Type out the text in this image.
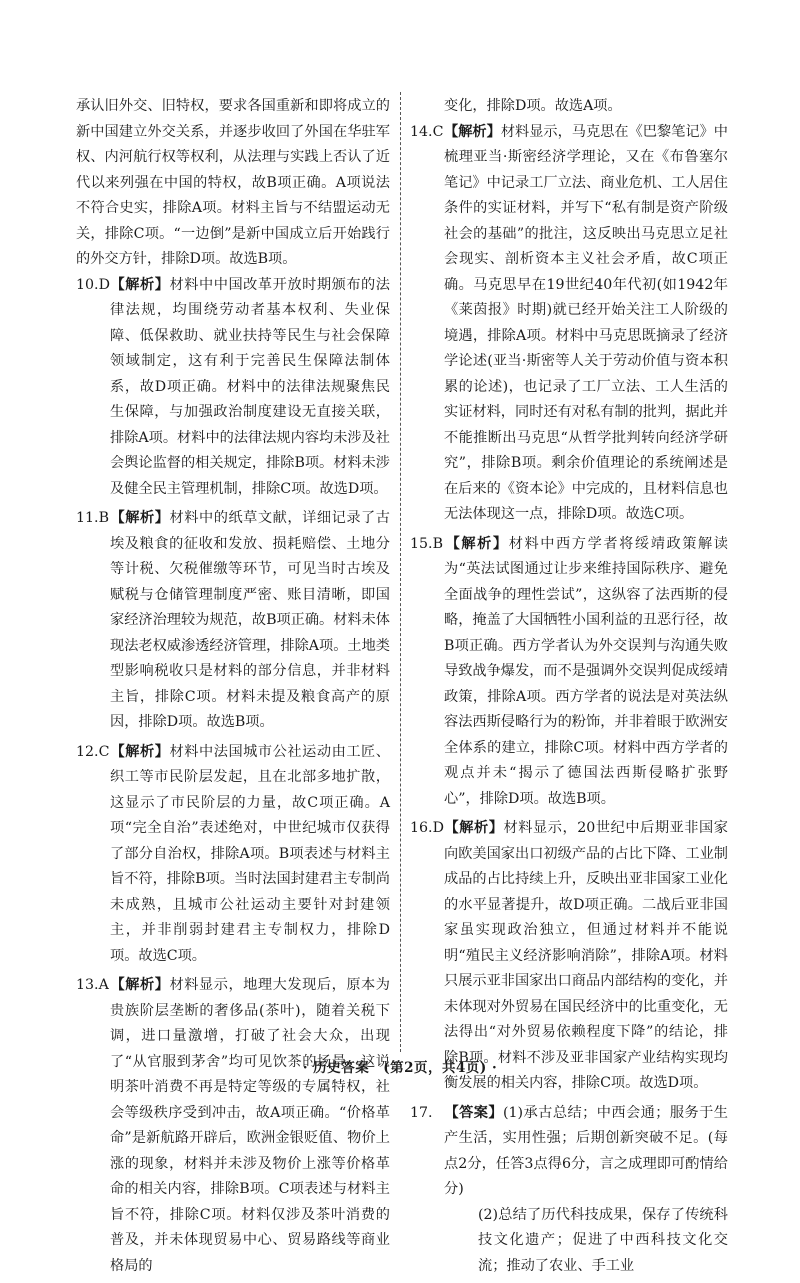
承认旧外交、旧特权，要求各国重新和即将成立的新中国建立外交关系，并逐步收回了外国在华驻军权、内河航行权等权利，从法理与实践上否认了近代以来列强在中国的特权，故B项正确。A项说法不符合史实，排除A项。材料主旨与不结盟运动无关，排除C项。“一边倒”是新中国成立后开始践行的外交方针，排除D项。故选B项。

10.D【解析】材料中中国改革开放时期颁布的法律法规，均围绕劳动者基本权利、失业保障、低保救助、就业扶持等民生与社会保障领域制定，这有利于完善民生保障法制体系，故D项正确。材料中的法律法规聚焦民生保障，与加强政治制度建设无直接关联，排除A项。材料中的法律法规内容均未涉及社会舆论监督的相关规定，排除B项。材料未涉及健全民主管理机制，排除C项。故选D项。
11.B【解析】材料中的纸草文献，详细记录了古埃及粮食的征收和发放、损耗赔偿、土地分等计税、欠税催缴等环节，可见当时古埃及赋税与仓储管理制度严密、账目清晰，即国家经济治理较为规范，故B项正确。材料未体现法老权威渗透经济管理，排除A项。土地类型影响税收只是材料的部分信息，并非材料主旨，排除C项。材料未提及粮食高产的原因，排除D项。故选B项。
12.C【解析】材料中法国城市公社运动由工匠、织工等市民阶层发起，且在北部多地扩散，这显示了市民阶层的力量，故C项正确。A项“完全自治”表述绝对，中世纪城市仅获得了部分自治权，排除A项。B项表述与材料主旨不符，排除B项。当时法国封建君主专制尚未成熟，且城市公社运动主要针对封建领主，并非削弱封建君主专制权力，排除D项。故选C项。
13.A【解析】材料显示，地理大发现后，原本为贵族阶层垄断的奢侈品(茶叶)，随着关税下调，进口量激增，打破了社会大众，出现了“从官服到茅舍”均可见饮茶的场景。这说明茶叶消费不再是特定等级的专属特权，社会等级秩序受到冲击，故A项正确。“价格革命”是新航路开辟后，欧洲金银贬值、物价上涨的现象，材料并未涉及物价上涨等价格革命的相关内容，排除B项。C项表述与材料主旨不符，排除C项。材料仅涉及茶叶消费的普及，并未体现贸易中心、贸易路线等商业格局的

变化，排除D项。故选A项。

14.C【解析】材料显示，马克思在《巴黎笔记》中梳理亚当·斯密经济学理论，又在《布鲁塞尔笔记》中记录工厂立法、商业危机、工人居住条件的实证材料，并写下“私有制是资产阶级社会的基础”的批注，这反映出马克思立足社会现实、剖析资本主义社会矛盾，故C项正确。马克思早在19世纪40年代初(如1942年《莱茵报》时期)就已经开始关注工人阶级的境遇，排除A项。材料中马克思既摘录了经济学论述(亚当·斯密等人关于劳动价值与资本积累的论述)，也记录了工厂立法、工人生活的实证材料，同时还有对私有制的批判，据此并不能推断出马克思“从哲学批判转向经济学研究”，排除B项。剩余价值理论的系统阐述是在后来的《资本论》中完成的，且材料信息也无法体现这一点，排除D项。故选C项。
15.B【解析】材料中西方学者将绥靖政策解读为“英法试图通过让步来维持国际秩序、避免全面战争的理性尝试”，这纵容了法西斯的侵略，掩盖了大国牺牲小国利益的丑恶行径，故B项正确。西方学者认为外交误判与沟通失败导致战争爆发，而不是强调外交误判促成绥靖政策，排除A项。西方学者的说法是对英法纵容法西斯侵略行为的粉饰，并非着眼于欧洲安全体系的建立，排除C项。材料中西方学者的观点并未“揭示了德国法西斯侵略扩张野心”，排除D项。故选B项。
16.D【解析】材料显示，20世纪中后期亚非国家向欧美国家出口初级产品的占比下降、工业制成品的占比持续上升，反映出亚非国家工业化的水平显著提升，故D项正确。二战后亚非国家虽实现政治独立，但通过材料并不能说明“殖民主义经济影响消除”，排除A项。材料只展示亚非国家出口商品内部结构的变化，并未体现对外贸易在国民经济中的比重变化，无法得出“对外贸易依赖程度下降”的结论，排除B项。材料不涉及亚非国家产业结构实现均衡发展的相关内容，排除C项。故选D项。
17. 【答案】(1)承古总结；中西会通；服务于生产生活，实用性强；后期创新突破不足。(每点2分，任答3点得6分，言之成理即可酌情给分)
(2)总结了历代科技成果，保存了传统科技文化遗产；促进了中西科技文化交流；推动了农业、手工业
· 历史答案　(第2页，共4页) ·
